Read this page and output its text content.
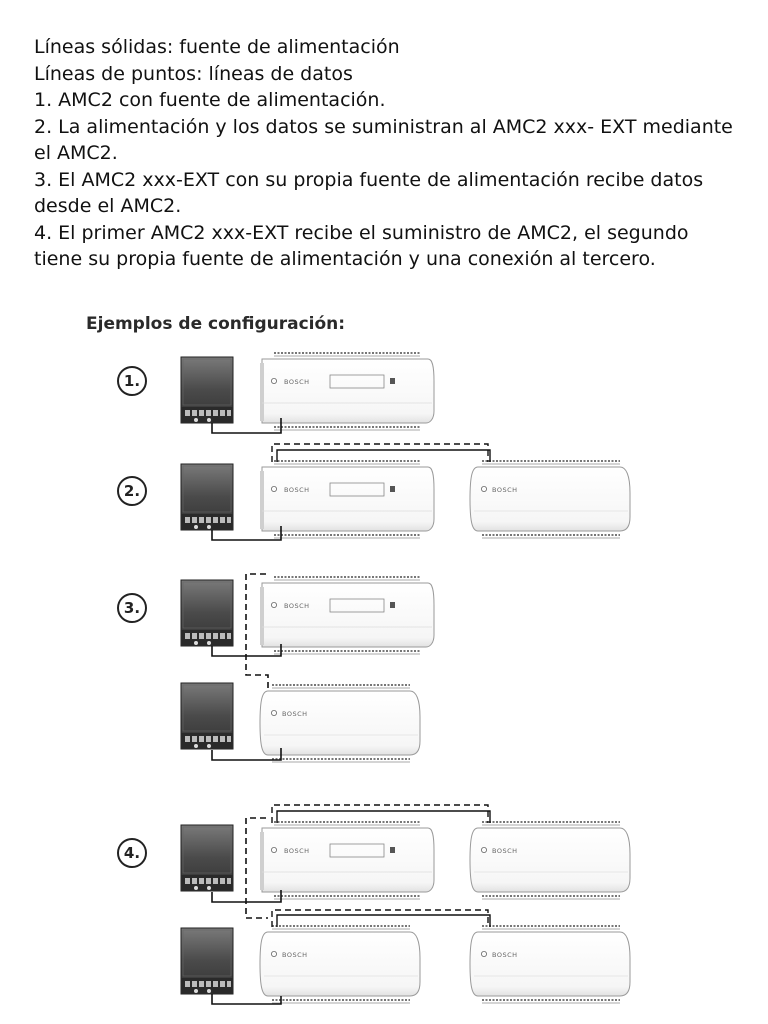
Líneas sólidas: fuente de alimentación

Líneas de puntos: líneas de datos

1. AMC2 con fuente de alimentación.

2. La alimentación y los datos se suministran al AMC2 xxx- EXT mediante

el AMC2.

3. El AMC2 xxx-EXT con su propia fuente de alimentación recibe datos

desde el AMC2.

4. El primer AMC2 xxx-EXT recibe el suministro de AMC2, el segundo

tiene su propia fuente de alimentación y una conexión al tercero.

Ejemplos de configuración:

1.	BOSCH
2.	BOSCH	BOSCH
3.	BOSCH
BOSCH
4.	BOSCH	BOSCH
BOSCH	BOSCH
